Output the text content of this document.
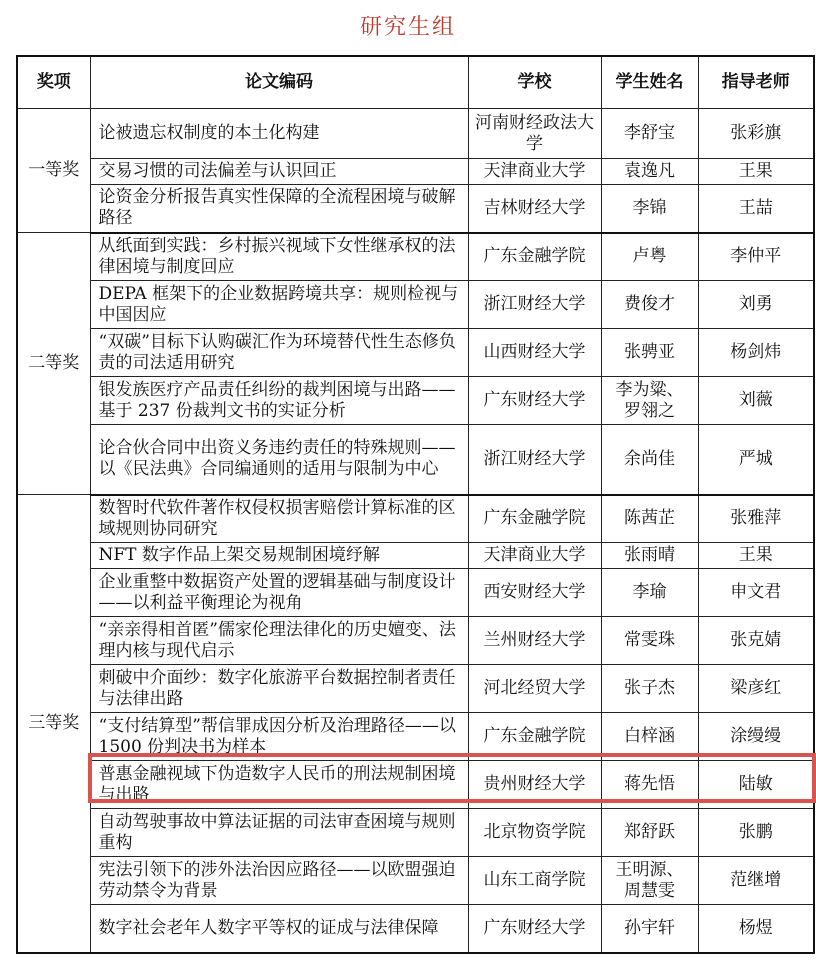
研究生组
奖项	论文编码	学校	学生姓名	指导老师
一等奖	论被遗忘权制度的本土化构建	河南财经政法大学	李舒宝	张彩旗
	交易习惯的司法偏差与认识回正	天津商业大学	袁逸凡	王果
	论资金分析报告真实性保障的全流程困境与破解路径	吉林财经大学	李锦	王喆
二等奖	从纸面到实践：乡村振兴视域下女性继承权的法律困境与制度回应	广东金融学院	卢粤	李仲平
	DEPA 框架下的企业数据跨境共享：规则检视与中国因应	浙江财经大学	费俊才	刘勇
	“双碳”目标下认购碳汇作为环境替代性生态修负责的司法适用研究	山西财经大学	张骋亚	杨剑炜
	银发族医疗产品责任纠纷的裁判困境与出路——基于 237 份裁判文书的实证分析	广东财经大学	李为粱、罗翎之	刘薇
	论合伙合同中出资义务违约责任的特殊规则——以《民法典》合同编通则的适用与限制为中心	浙江财经大学	余尚佳	严城
三等奖	数智时代软件著作权侵权损害赔偿计算标准的区域规则协同研究	广东金融学院	陈茜芷	张雅萍
	NFT 数字作品上架交易规制困境纾解	天津商业大学	张雨晴	王果
	企业重整中数据资产处置的逻辑基础与制度设计——以利益平衡理论为视角	西安财经大学	李瑜	申文君
	“亲亲得相首匿”儒家伦理法律化的历史嬗变、法理内核与现代启示	兰州财经大学	常雯珠	张克婧
	刺破中介面纱：数字化旅游平台数据控制者责任与法律出路	河北经贸大学	张子杰	梁彦红
	“支付结算型”帮信罪成因分析及治理路径——以 1500 份判决书为样本	广东金融学院	白梓涵	涂缦缦
	普惠金融视域下伪造数字人民币的刑法规制困境与出路	贵州财经大学	蒋先悟	陆敏
	自动驾驶事故中算法证据的司法审查困境与规则重构	北京物资学院	郑舒跃	张鹏
	宪法引领下的涉外法治因应路径——以欧盟强迫劳动禁令为背景	山东工商学院	王明源、周慧雯	范继增
	数字社会老年人数字平等权的证成与法律保障	广东财经大学	孙宇轩	杨煜
